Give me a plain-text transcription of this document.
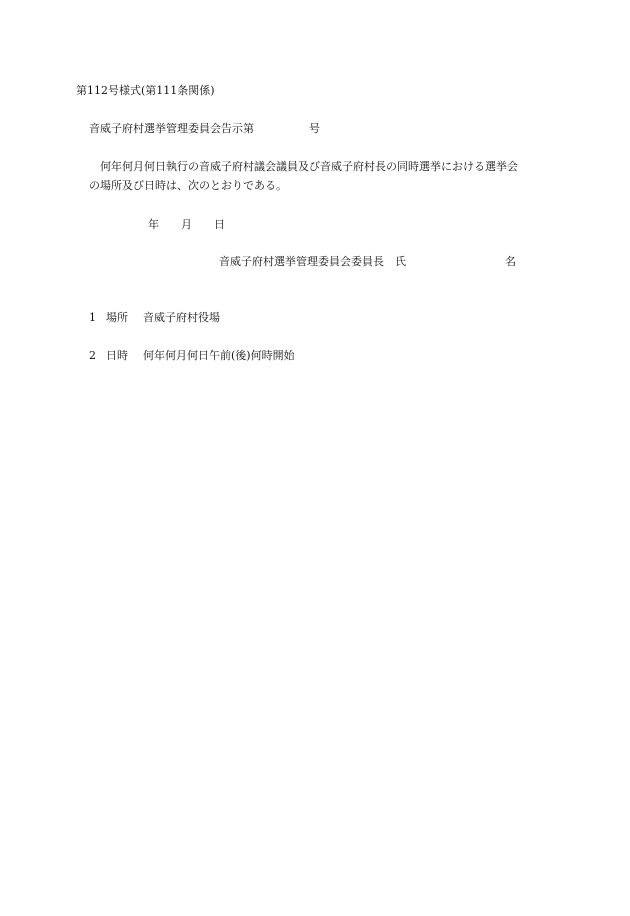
第112号様式(第111条関係)
音威子府村選挙管理委員会告示第　　　　　号
何年何月何日執行の音威子府村議会議員及び音威子府村長の同時選挙における選挙会
の場所及び日時は、次のとおりである。
年　　月　　日
音威子府村選挙管理委員会委員長　氏　　　　　　　　　名
1 場所 音威子府村役場
2 日時 何年何月何日午前(後)何時開始
